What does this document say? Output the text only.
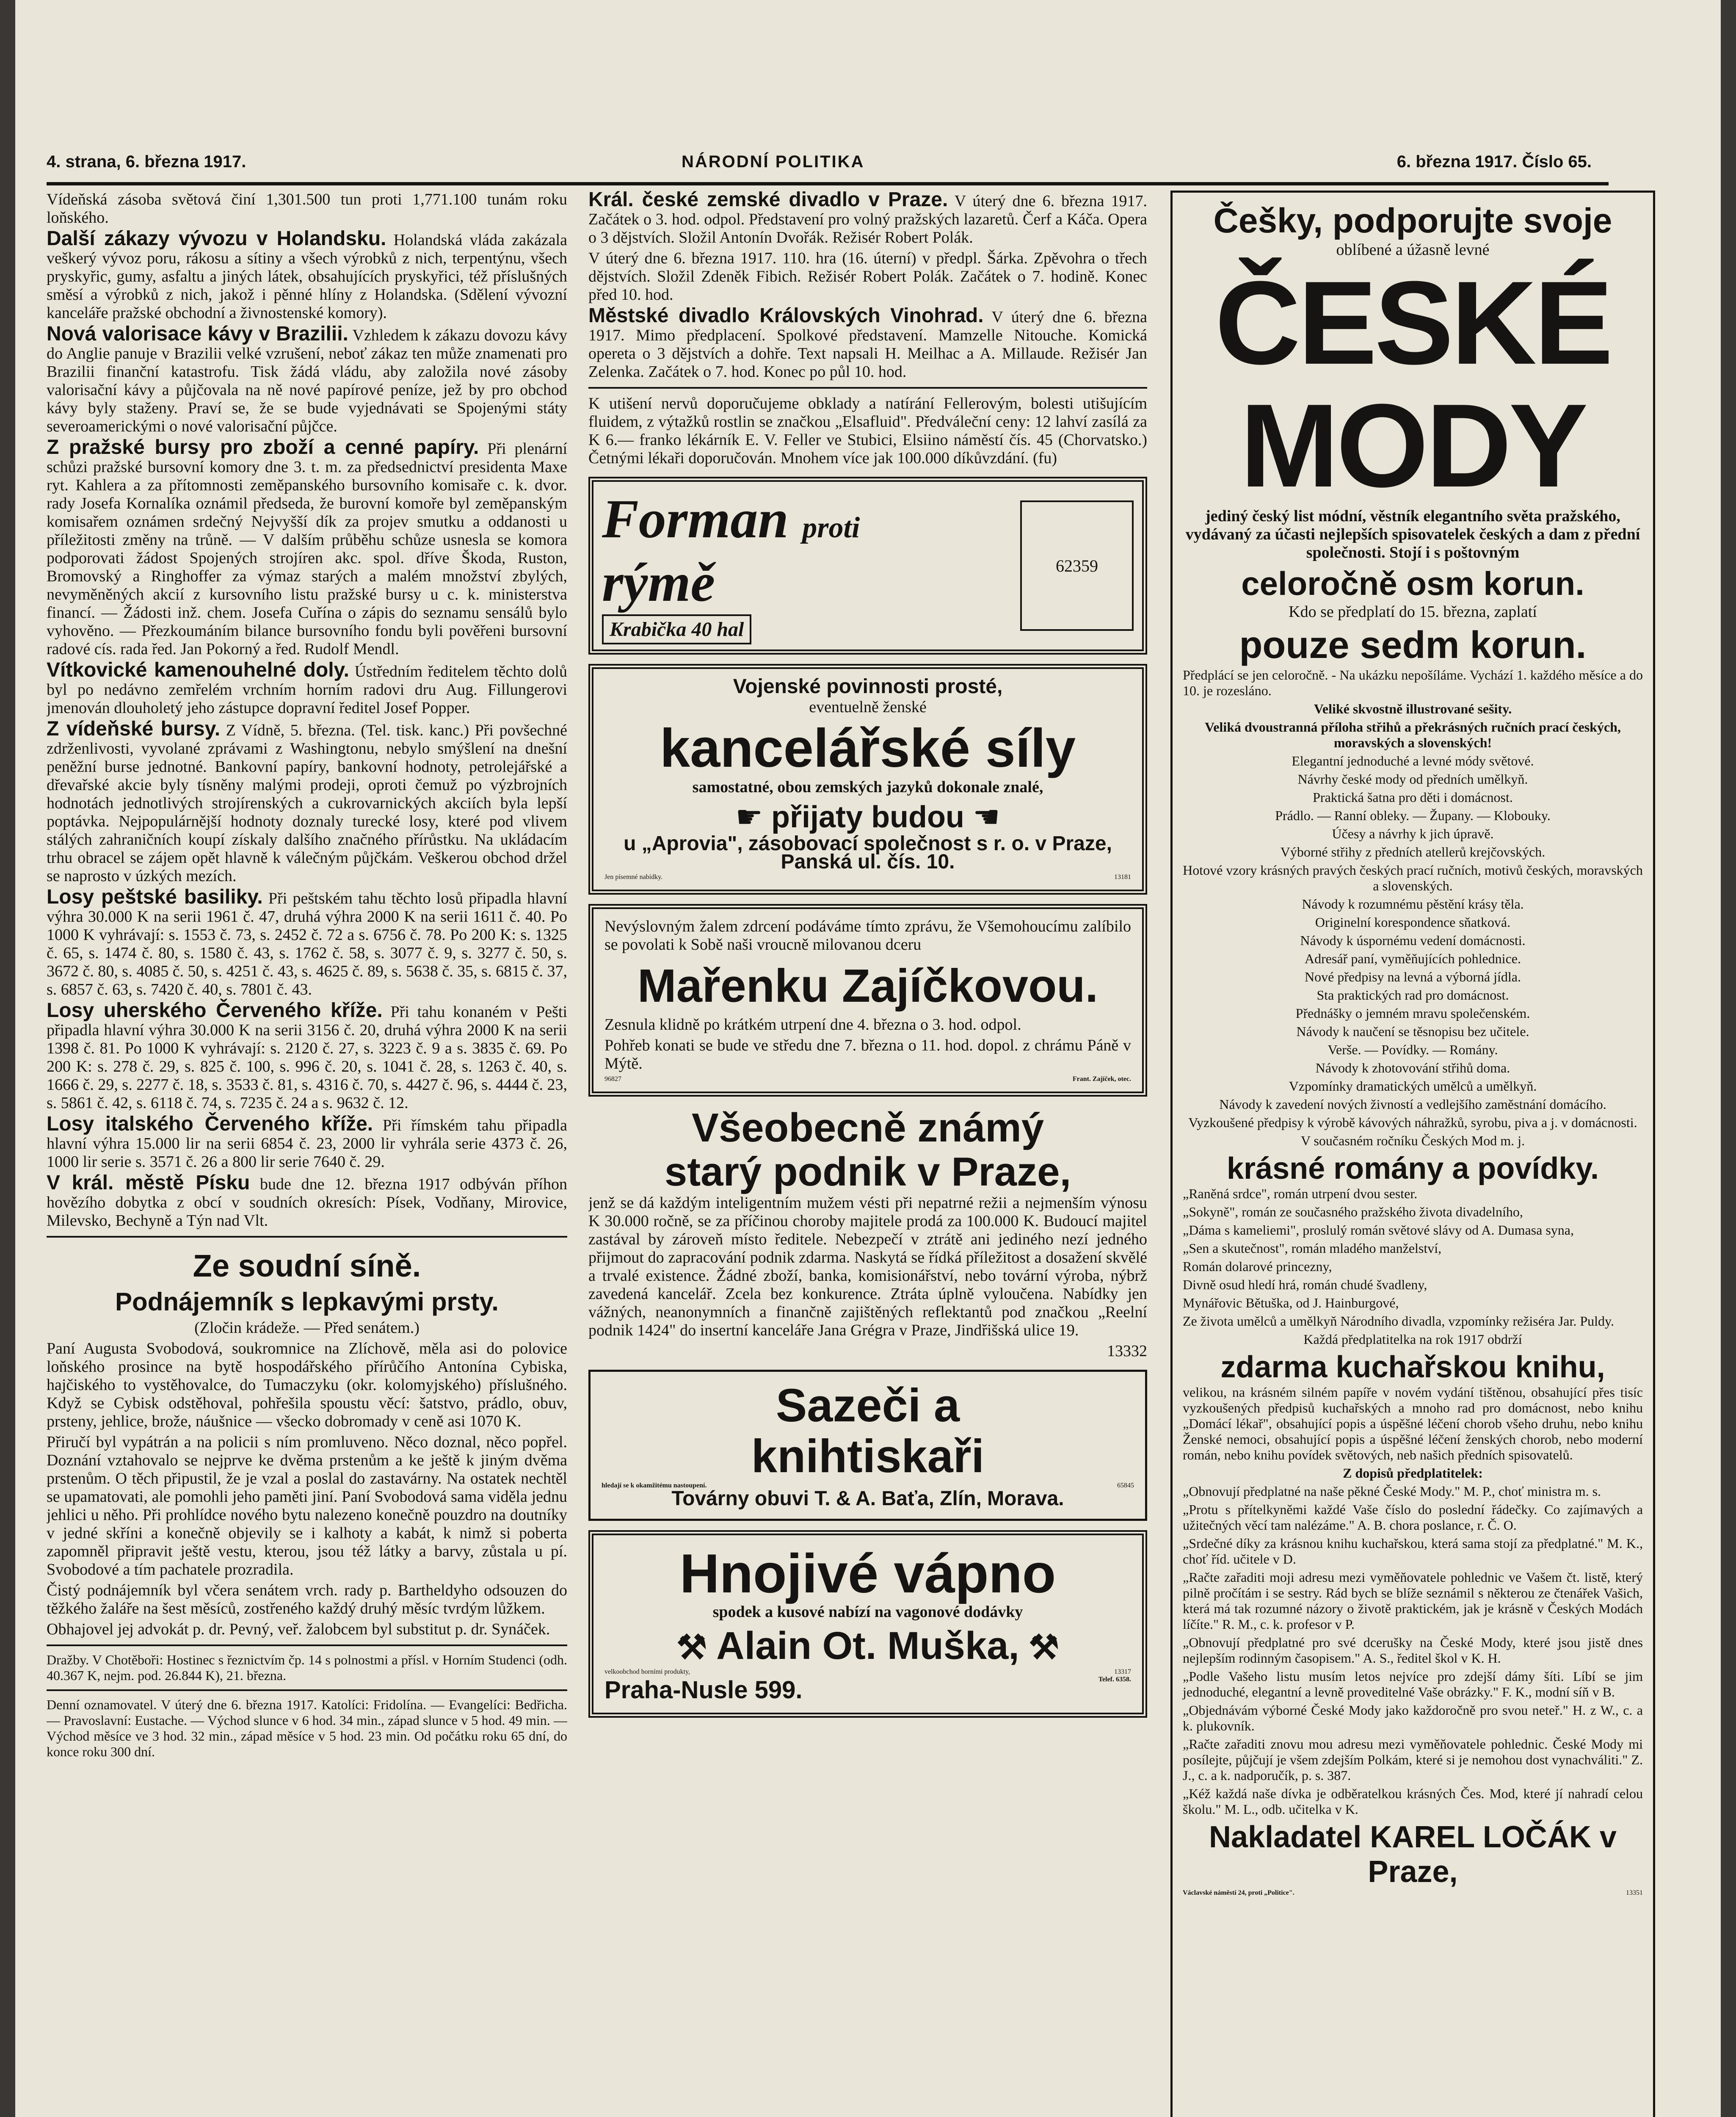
4. strana, 6. března 1917.	NÁRODNÍ POLITIKA	6. března 1917. Číslo 65.

Vídeňská zásoba světová činí 1,301.500 tun proti 1,771.100 tunám roku loňského.

Další zákazy vývozu v Holandsku. Holandská vláda zakázala veškerý vývoz poru, rákosu a sítiny a všech výrobků z nich, terpentýnu, všech pryskyřic, gumy, asfaltu a jiných látek, obsahujících pryskyřici, též příslušných směsí a výrobků z nich, jakož i pěnné hlíny z Holandska. (Sdělení vývozní kanceláře pražské obchodní a živnostenské komory).

Nová valorisace kávy v Brazilii. Vzhledem k zákazu dovozu kávy do Anglie panuje v Brazilii velké vzrušení, neboť zákaz ten může znamenati pro Brazilii finanční katastrofu. Tisk žádá vládu, aby založila nové zásoby valorisační kávy a půjčovala na ně nové papírové peníze, jež by pro obchod kávy byly staženy. Praví se, že se bude vyjednávati se Spojenými státy severoamerickými o nové valorisační půjčce.

Z pražské bursy pro zboží a cenné papíry. Při plenární schůzi pražské bursovní komory dne 3. t. m. za předsednictví presidenta Maxe ryt. Kahlera a za přítomnosti zeměpanského bursovního komisaře c. k. dvor. rady Josefa Kornalíka oznámil předseda, že burovní komoře byl zeměpanským komisařem oznámen srdečný Nejvyšší dík za projev smutku a oddanosti u příležitosti změny na trůně. — V dalším průběhu schůze usnesla se komora podporovati žádost Spojených strojíren akc. spol. dříve Škoda, Ruston, Bromovský a Ringhoffer za výmaz starých a malém množství zbylých, nevyměněných akcií z kursovního listu pražské bursy u c. k. ministerstva financí. — Žádosti inž. chem. Josefa Cuřína o zápis do seznamu sensálů bylo vyhověno. — Přezkoumáním bilance bursovního fondu byli pověřeni bursovní radové cís. rada řed. Jan Pokorný a řed. Rudolf Mendl.

Vítkovické kamenouhelné doly. Ústředním ředitelem těchto dolů byl po nedávno zemřelém vrchním horním radovi dru Aug. Fillungerovi jmenován dlouholetý jeho zástupce dopravní ředitel Josef Popper.

Z vídeňské bursy. Z Vídně, 5. března. (Tel. tisk. kanc.) Při povšechné zdrženlivosti, vyvolané zprávami z Washingtonu, nebylo smýšlení na dnešní peněžní burse jednotné. Bankovní papíry, bankovní hodnoty, petrolejářské a dřevařské akcie byly tísněny malými prodeji, oproti čemuž po výzbrojních hodnotách jednotlivých strojírenských a cukrovarnických akciích byla lepší poptávka. Nejpopulárnější hodnoty doznaly turecké losy, které pod vlivem stálých zahraničních koupí získaly dalšího značného přírůstku. Na ukládacím trhu obracel se zájem opět hlavně k válečným půjčkám. Veškerou obchod držel se naprosto v úzkých mezích.

Losy peštské basiliky. Při peštském tahu těchto losů připadla hlavní výhra 30.000 K na serii 1961 č. 47, druhá výhra 2000 K na serii 1611 č. 40. Po 1000 K vyhrávají: s. 1553 č. 73, s. 2452 č. 72 a s. 6756 č. 78. Po 200 K: s. 1325 č. 65, s. 1474 č. 80, s. 1580 č. 43, s. 1762 č. 58, s. 3077 č. 9, s. 3277 č. 50, s. 3672 č. 80, s. 4085 č. 50, s. 4251 č. 43, s. 4625 č. 89, s. 5638 č. 35, s. 6815 č. 37, s. 6857 č. 63, s. 7420 č. 40, s. 7801 č. 43.

Losy uherského Červeného kříže. Při tahu konaném v Pešti připadla hlavní výhra 30.000 K na serii 3156 č. 20, druhá výhra 2000 K na serii 1398 č. 81. Po 1000 K vyhrávají: s. 2120 č. 27, s. 3223 č. 9 a s. 3835 č. 69. Po 200 K: s. 278 č. 29, s. 825 č. 100, s. 996 č. 20, s. 1041 č. 28, s. 1263 č. 40, s. 1666 č. 29, s. 2277 č. 18, s. 3533 č. 81, s. 4316 č. 70, s. 4427 č. 96, s. 4444 č. 23, s. 5861 č. 42, s. 6118 č. 74, s. 7235 č. 24 a s. 9632 č. 12.

Losy italského Červeného kříže. Při římském tahu připadla hlavní výhra 15.000 lir na serii 6854 č. 23, 2000 lir vyhrála serie 4373 č. 26, 1000 lir serie s. 3571 č. 26 a 800 lir serie 7640 č. 29.

V král. městě Písku bude dne 12. března 1917 odbýván příhon hovězího dobytka z obcí v soudních okresích: Písek, Vodňany, Mirovice, Milevsko, Bechyně a Týn nad Vlt.

Ze soudní síně.
Podnájemník s lepkavými prsty.

(Zločin krádeže. — Před senátem.)

Paní Augusta Svobodová, soukromnice na Zlíchově, měla asi do polovice loňského prosince na bytě hospodářského přírůčího Antonína Cybiska, hajčiského to vystěhovalce, do Tumaczyku (okr. kolomyjského) příslušného. Když se Cybisk odstěhoval, pohřešila spoustu věcí: šatstvo, prádlo, obuv, prsteny, jehlice, brože, náušnice — všecko dobromady v ceně asi 1070 K.

Přiručí byl vypátrán a na policii s ním promluveno. Něco doznal, něco popřel. Doznání vztahovalo se nejprve ke dvěma prstenům a ke ještě k jiným dvěma prstenům. O těch připustil, že je vzal a poslal do zastavárny. Na ostatek nechtěl se upamatovati, ale pomohli jeho paměti jiní. Paní Svobodová sama viděla jednu jehlici u něho. Při prohlídce nového bytu nalezeno konečně pouzdro na doutníky v jedné skříni a konečně objevily se i kalhoty a kabát, k nimž si poberta zapomněl připravit ještě vestu, kterou, jsou též látky a barvy, zůstala u pí. Svobodové a tím pachatele prozradila.

Čistý podnájemník byl včera senátem vrch. rady p. Bartheldyho odsouzen do těžkého žaláře na šest měsíců, zostřeného každý druhý měsíc tvrdým lůžkem.

Obhajovel jej advokát p. dr. Pevný, veř. žalobcem byl substitut p. dr. Synáček.

Dražby. V Chotěboři: Hostinec s řeznictvím čp. 14 s polnostmi a přísl. v Horním Studenci (odh. 40.367 K, nejm. pod. 26.844 K), 21. března.

Denní oznamovatel. V úterý dne 6. března 1917. Katolíci: Fridolína. — Evangelíci: Bedřicha. — Pravoslavní: Eustache. — Východ slunce v 6 hod. 34 min., západ slunce v 5 hod. 49 min. — Východ měsíce ve 3 hod. 32 min., západ měsíce v 5 hod. 23 min. Od počátku roku 65 dní, do konce roku 300 dní.

Král. české zemské divadlo v Praze. V úterý dne 6. března 1917. Začátek o 3. hod. odpol. Představení pro volný pražských lazaretů. Čerf a Káča. Opera o 3 dějstvích. Složil Antonín Dvořák. Režisér Robert Polák.

V úterý dne 6. března 1917. 110. hra (16. úterní) v předpl. Šárka. Zpěvohra o třech dějstvích. Složil Zdeněk Fibich. Režisér Robert Polák. Začátek o 7. hodině. Konec před 10. hod.

Městské divadlo Královských Vinohrad. V úterý dne 6. března 1917. Mimo předplacení. Spolkové představení. Mamzelle Nitouche. Komická opereta o 3 dějstvích a dohře. Text napsali H. Meilhac a A. Millaude. Režisér Jan Zelenka. Začátek o 7. hod. Konec po půl 10. hod.

K utišení nervů doporučujeme obklady a natírání Fellerovým, bolesti utišujícím fluidem, z výtažků rostlin se značkou „Elsafluid". Předváleční ceny: 12 lahví zasílá za K 6.— franko lékárník E. V. Feller ve Stubici, Elsiino náměstí čís. 45 (Chorvatsko.) Četnými lékaři doporučován. Mnohem více jak 100.000 díkůvzdání. (fu)

Forman proti
rýmě
Krabička 40 hal
62359

Vojenské povinnosti prosté,

eventuelně ženské

kancelářské síly

samostatné, obou zemských jazyků dokonale znalé,

☛ přijaty budou ☚

u „Aprovia", zásobovací společnost s r. o. v Praze, Panská ul. čís. 10.

Jen písemné nabídky.	13181

Nevýslovným žalem zdrcení podáváme tímto zprávu, že Všemohoucímu zalíbilo se povolati k Sobě naši vroucně milovanou dceru

Mařenku Zajíčkovou.

Zesnula klidně po krátkém utrpení dne 4. března o 3. hod. odpol.

Pohřeb konati se bude ve středu dne 7. března o 11. hod. dopol. z chrámu Páně v Mýtě.

96827	Frant. Zajíček, otec.
Všeobecně známý
starý podnik v Praze,

jenž se dá každým inteligentním mužem vésti při nepatrné režii a nejmenším výnosu K 30.000 ročně, se za příčinou choroby majitele prodá za 100.000 K. Budoucí majitel zastával by zároveň místo ředitele. Nebezpečí v ztrátě ani jediného nezí jedného přijmout do zapracování podnik zdarma. Naskytá se řídká příležitost a dosažení skvělé a trvalé existence. Žádné zboží, banka, komisionářství, nebo tovární výroba, nýbrž zavedená kancelář. Zcela bez konkurence. Ztráta úplně vyloučena. Nabídky jen vážných, neanonymních a finančně zajištěných reflektantů pod značkou „Reelní podnik 1424" do insertní kanceláře Jana Grégra v Praze, Jindřišská ulice 19.

13332

Sazeči a
knihtiskaři
hledají se k okamžitému nastoupení.	65845

Továrny obuvi T. & A. Baťa, Zlín, Morava.

Hnojivé vápno

spodek a kusové nabízí na vagonové dodávky

⚒ Alain Ot. Muška, ⚒
velkoobchod horními produkty,	13317
Praha-Nusle 599.	Telef. 6358.
Češky, podporujte svoje

oblíbené a úžasně levné

ČESKÉ MODY

jediný český list módní, věstník elegantního světa pražského, vydávaný za účasti nejlepších spisovatelek českých a dam z přední společnosti. Stojí i s poštovným

celoročně osm korun.

Kdo se předplatí do 15. března, zaplatí

pouze sedm korun.

Předplácí se jen celoročně. - Na ukázku nepošíláme. Vychází 1. každého měsíce a do 10. je rozesláno.

Veliké skvostně illustrované sešity.

Veliká dvoustranná příloha střihů a překrásných ručních prací českých, moravských a slovenských!

Elegantní jednoduché a levné módy světové.

Návrhy české mody od předních umělkyň.

Praktická šatna pro děti i domácnost.

Prádlo. — Ranní obleky. — Župany. — Klobouky.

Účesy a návrhy k jich úpravě.

Výborné střihy z předních atellerů krejčovských.

Hotové vzory krásných pravých českých prací ručních, motivů českých, moravských a slovenských.

Návody k rozumnému pěstění krásy těla.

Originelní korespondence sňatková.

Návody k úspornému vedení domácnosti.

Adresář paní, vyměňujících pohlednice.

Nové předpisy na levná a výborná jídla.

Sta praktických rad pro domácnost.

Přednášky o jemném mravu společenském.

Návody k naučení se těsnopisu bez učitele.

Verše. — Povídky. — Romány.

Návody k zhotovování střihů doma.

Vzpomínky dramatických umělců a umělkyň.

Návody k zavedení nových živností a vedlejšího zaměstnání domácího.

Vyzkoušené předpisy k výrobě kávových náhražků, syrobu, piva a j. v domácnosti.

V současném ročníku Českých Mod m. j.

krásné romány a povídky.

„Raněná srdce", román utrpení dvou sester.

„Sokyně", román ze současného pražského života divadelního,

„Dáma s kameliemi", proslulý román světové slávy od A. Dumasa syna,

„Sen a skutečnost", román mladého manželství,

Román dolarové princezny,

Divně osud hledí hrá, román chudé švadleny,

Mynářovic Bětuška, od J. Hainburgové,

Ze života umělců a umělkyň Národního divadla, vzpomínky režiséra Jar. Puldy.

Každá předplatitelka na rok 1917 obdrží

zdarma kuchařskou knihu,

velikou, na krásném silném papíře v novém vydání tištěnou, obsahující přes tisíc vyzkoušených předpisů kuchařských a mnoho rad pro domácnost, nebo knihu „Domácí lékař", obsahující popis a úspěšné léčení chorob všeho druhu, nebo knihu Ženské nemoci, obsahující popis a úspěšné léčení ženských chorob, nebo moderní román, nebo knihu povídek světových, neb našich předních spisovatelů.

Z dopisů předplatitelek:

„Obnovují předplatné na naše pěkné České Mody." M. P., choť ministra m. s.

„Protu s přítelkyněmi každé Vaše číslo do poslední řádečky. Co zajímavých a užitečných věcí tam nalézáme." A. B. chora poslance, r. Č. O.

„Srdečné díky za krásnou knihu kuchařskou, která sama stojí za předplatné." M. K., choť říd. učitele v D.

„Račte zařaditi moji adresu mezi vyměňovatele pohlednic ve Vašem čt. listě, který pilně pročítám i se sestry. Rád bych se blíže seznámil s některou ze čtenářek Vašich, která má tak rozumné názory o životě praktickém, jak je krásně v Českých Modách líčíte." R. M., c. k. profesor v P.

„Obnovují předplatné pro své dcerušky na České Mody, které jsou jistě dnes nejlepším rodinným časopisem." A. S., ředitel škol v K. H.

„Podle Vašeho listu musím letos nejvíce pro zdejší dámy šíti. Líbí se jim jednoduché, elegantní a levně proveditelné Vaše obrázky." F. K., modní síň v B.

„Objednávám výborné České Mody jako každoročně pro svou neteř." H. z W., c. a k. plukovník.

„Račte zařaditi znovu mou adresu mezi vyměňovatele pohlednic. České Mody mi posílejte, půjčují je všem zdejším Polkám, které si je nemohou dost vynachváliti." Z. J., c. a k. nadporučík, p. s. 387.

„Kéž každá naše dívka je odběratelkou krásných Čes. Mod, které jí nahradí celou školu." M. L., odb. učitelka v K.

Nakladatel KAREL LOČÁK v Praze,
Václavské náměstí 24, proti „Politice".	13351
